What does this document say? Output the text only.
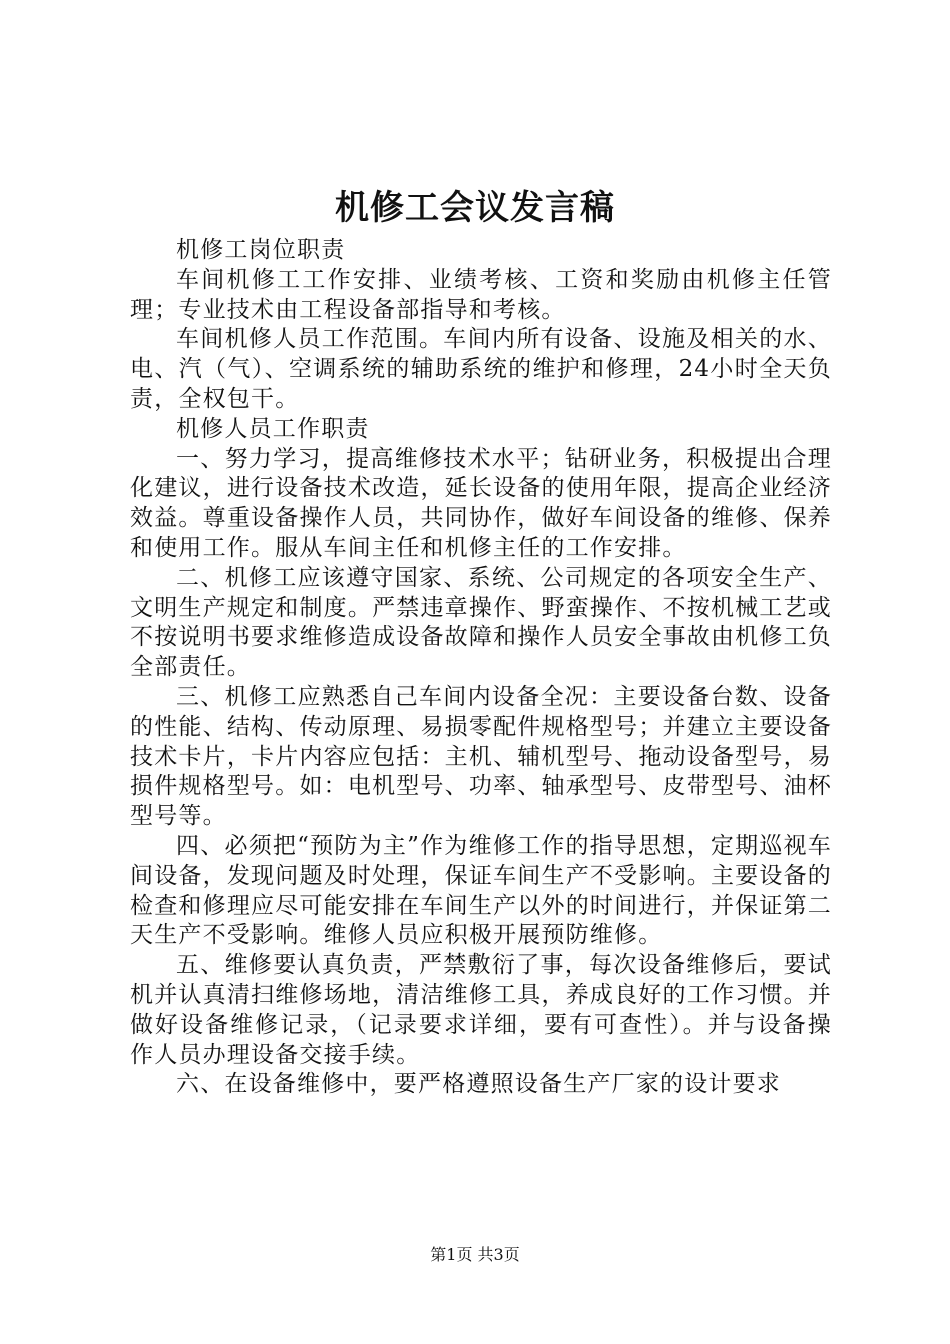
机修工会议发言稿

机修工岗位职责

车间机修工工作安排、业绩考核、工资和奖励由机修主任管理；专业技术由工程设备部指导和考核。

车间机修人员工作范围。车间内所有设备、设施及相关的水、电、汽（气）、空调系统的辅助系统的维护和修理，24小时全天负责，全权包干。

机修人员工作职责

一、努力学习，提高维修技术水平；钻研业务，积极提出合理化建议，进行设备技术改造，延长设备的使用年限，提高企业经济效益。尊重设备操作人员，共同协作，做好车间设备的维修、保养和使用工作。服从车间主任和机修主任的工作安排。

二、机修工应该遵守国家、系统、公司规定的各项安全生产、文明生产规定和制度。严禁违章操作、野蛮操作、不按机械工艺或不按说明书要求维修造成设备故障和操作人员安全事故由机修工负全部责任。

三、机修工应熟悉自己车间内设备全况：主要设备台数、设备的性能、结构、传动原理、易损零配件规格型号；并建立主要设备技术卡片，卡片内容应包括：主机、辅机型号、拖动设备型号，易损件规格型号。如：电机型号、功率、轴承型号、皮带型号、油杯型号等。

四、必须把“预防为主”作为维修工作的指导思想，定期巡视车间设备，发现问题及时处理，保证车间生产不受影响。主要设备的检查和修理应尽可能安排在车间生产以外的时间进行，并保证第二天生产不受影响。维修人员应积极开展预防维修。

五、维修要认真负责，严禁敷衍了事，每次设备维修后，要试机并认真清扫维修场地，清洁维修工具，养成良好的工作习惯。并做好设备维修记录，（记录要求详细，要有可查性）。并与设备操作人员办理设备交接手续。

六、在设备维修中，要严格遵照设备生产厂家的设计要求

第1页 共3页
